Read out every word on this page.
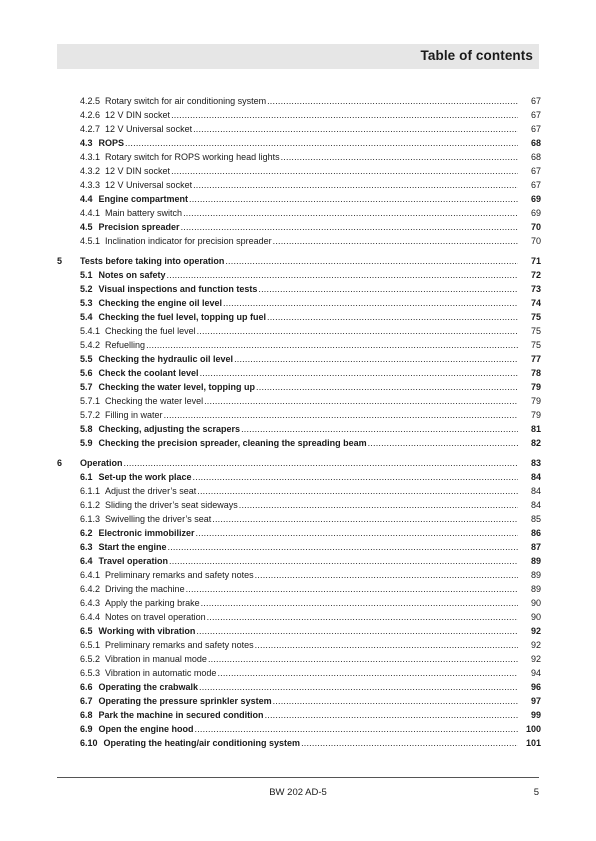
Table of contents
4.2.5 Rotary switch for air conditioning system .....	67
4.2.6 12 V DIN socket .....	67
4.2.7 12 V Universal socket .....	67
4.3 ROPS .....	68
4.3.1 Rotary switch for ROPS working head lights .....	68
4.3.2 12 V DIN socket .....	67
4.3.3 12 V Universal socket .....	67
4.4 Engine compartment .....	69
4.4.1 Main battery switch .....	69
4.5 Precision spreader .....	70
4.5.1 Inclination indicator for precision spreader .....	70
5	Tests before taking into operation .....	71
5.1 Notes on safety .....	72
5.2 Visual inspections and function tests .....	73
5.3 Checking the engine oil level .....	74
5.4 Checking the fuel level, topping up fuel .....	75
5.4.1 Checking the fuel level .....	75
5.4.2 Refuelling .....	75
5.5 Checking the hydraulic oil level .....	77
5.6 Check the coolant level .....	78
5.7 Checking the water level, topping up .....	79
5.7.1 Checking the water level .....	79
5.7.2 Filling in water .....	79
5.8 Checking, adjusting the scrapers .....	81
5.9 Checking the precision spreader, cleaning the spreading beam .....	82
6	Operation .....	83
6.1 Set-up the work place .....	84
6.1.1 Adjust the driver’s seat .....	84
6.1.2 Sliding the driver’s seat sideways .....	84
6.1.3 Swivelling the driver’s seat .....	85
6.2 Electronic immobilizer .....	86
6.3 Start the engine .....	87
6.4 Travel operation .....	89
6.4.1 Preliminary remarks and safety notes .....	89
6.4.2 Driving the machine .....	89
6.4.3 Apply the parking brake .....	90
6.4.4 Notes on travel operation .....	90
6.5 Working with vibration .....	92
6.5.1 Preliminary remarks and safety notes .....	92
6.5.2 Vibration in manual mode .....	92
6.5.3 Vibration in automatic mode .....	94
6.6 Operating the crabwalk .....	96
6.7 Operating the pressure sprinkler system .....	97
6.8 Park the machine in secured condition .....	99
6.9 Open the engine hood .....	100
6.10 Operating the heating/air conditioning system .....	101
BW 202 AD-5	5
